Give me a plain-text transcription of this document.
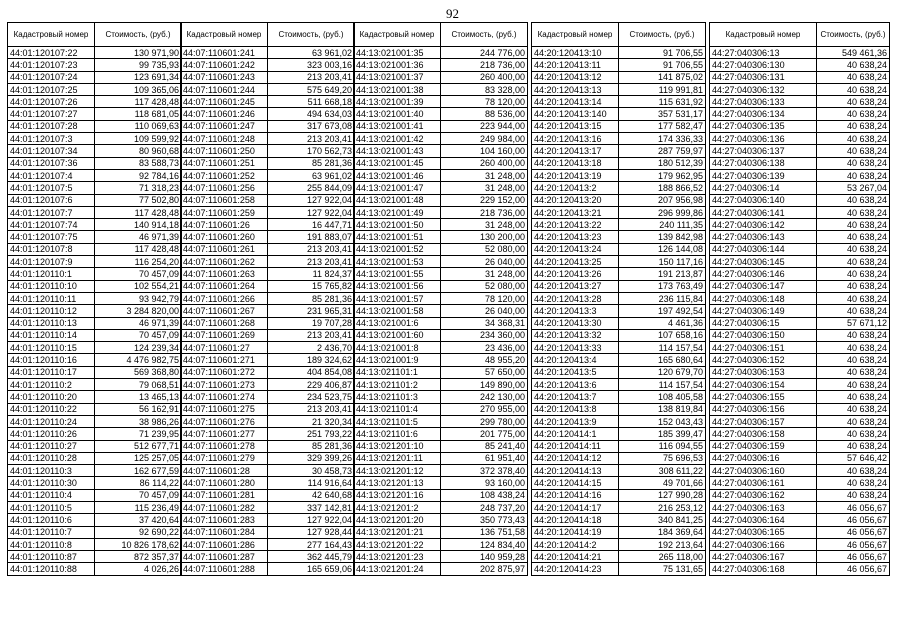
92
Кадастровый номер	Стоимость, (руб.)
44:01:120107:22	130 971,90
44:01:120107:23	99 735,93
44:01:120107:24	123 691,34
44:01:120107:25	109 365,06
44:01:120107:26	117 428,48
44:01:120107:27	118 681,05
44:01:120107:28	110 069,63
44:01:120107:3	109 599,92
44:01:120107:34	80 960,68
44:01:120107:36	83 588,73
44:01:120107:4	92 784,16
44:01:120107:5	71 318,23
44:01:120107:6	77 502,80
44:01:120107:7	117 428,48
44:01:120107:74	140 914,18
44:01:120107:75	46 971,39
44:01:120107:8	117 428,48
44:01:120107:9	116 254,20
44:01:120110:1	70 457,09
44:01:120110:10	102 554,21
44:01:120110:11	93 942,79
44:01:120110:12	3 284 820,00
44:01:120110:13	46 971,39
44:01:120110:14	70 457,09
44:01:120110:15	124 239,34
44:01:120110:16	4 476 982,75
44:01:120110:17	569 368,80
44:01:120110:2	79 068,51
44:01:120110:20	13 465,13
44:01:120110:22	56 162,91
44:01:120110:24	38 986,26
44:01:120110:26	71 239,95
44:01:120110:27	512 677,71
44:01:120110:28	125 257,05
44:01:120110:3	162 677,59
44:01:120110:30	86 114,22
44:01:120110:4	70 457,09
44:01:120110:5	115 236,49
44:01:120110:6	37 420,64
44:01:120110:7	92 690,22
44:01:120110:8	10 826 178,62
44:01:120110:87	872 357,37
44:01:120110:88	4 026,26
Кадастровый номер	Стоимость, (руб.)
44:07:110601:241	63 961,02
44:07:110601:242	323 003,16
44:07:110601:243	213 203,41
44:07:110601:244	575 649,20
44:07:110601:245	511 668,18
44:07:110601:246	494 634,03
44:07:110601:247	317 673,08
44:07:110601:248	213 203,41
44:07:110601:250	170 562,73
44:07:110601:251	85 281,36
44:07:110601:252	63 961,02
44:07:110601:256	255 844,09
44:07:110601:258	127 922,04
44:07:110601:259	127 922,04
44:07:110601:26	16 447,71
44:07:110601:260	191 883,07
44:07:110601:261	213 203,41
44:07:110601:262	213 203,41
44:07:110601:263	11 824,37
44:07:110601:264	15 765,82
44:07:110601:266	85 281,36
44:07:110601:267	231 965,31
44:07:110601:268	19 707,28
44:07:110601:269	213 203,41
44:07:110601:27	2 436,70
44:07:110601:271	189 324,62
44:07:110601:272	404 854,08
44:07:110601:273	229 406,87
44:07:110601:274	234 523,75
44:07:110601:275	213 203,41
44:07:110601:276	21 320,34
44:07:110601:277	251 793,22
44:07:110601:278	85 281,36
44:07:110601:279	329 399,26
44:07:110601:28	30 458,73
44:07:110601:280	114 916,64
44:07:110601:281	42 640,68
44:07:110601:282	337 142,81
44:07:110601:283	127 922,04
44:07:110601:284	127 928,44
44:07:110601:286	277 164,43
44:07:110601:287	362 445,79
44:07:110601:288	165 659,06
Кадастровый номер	Стоимость, (руб.)
44:13:021001:35	244 776,00
44:13:021001:36	218 736,00
44:13:021001:37	260 400,00
44:13:021001:38	83 328,00
44:13:021001:39	78 120,00
44:13:021001:40	88 536,00
44:13:021001:41	223 944,00
44:13:021001:42	249 984,00
44:13:021001:43	104 160,00
44:13:021001:45	260 400,00
44:13:021001:46	31 248,00
44:13:021001:47	31 248,00
44:13:021001:48	229 152,00
44:13:021001:49	218 736,00
44:13:021001:50	31 248,00
44:13:021001:51	130 200,00
44:13:021001:52	52 080,00
44:13:021001:53	26 040,00
44:13:021001:55	31 248,00
44:13:021001:56	52 080,00
44:13:021001:57	78 120,00
44:13:021001:58	26 040,00
44:13:021001:6	34 368,31
44:13:021001:60	234 360,00
44:13:021001:8	23 436,00
44:13:021001:9	48 955,20
44:13:021101:1	57 650,00
44:13:021101:2	149 890,00
44:13:021101:3	242 130,00
44:13:021101:4	270 955,00
44:13:021101:5	299 780,00
44:13:021101:6	201 775,00
44:13:021201:10	85 241,40
44:13:021201:11	61 951,40
44:13:021201:12	372 378,40
44:13:021201:13	93 160,00
44:13:021201:16	108 438,24
44:13:021201:2	248 737,20
44:13:021201:20	350 773,43
44:13:021201:21	136 751,58
44:13:021201:22	124 834,40
44:13:021201:23	140 959,28
44:13:021201:24	202 875,97
Кадастровый номер	Стоимость, (руб.)
44:20:120413:10	91 706,55
44:20:120413:11	91 706,55
44:20:120413:12	141 875,02
44:20:120413:13	119 991,81
44:20:120413:14	115 631,92
44:20:120413:140	357 531,17
44:20:120413:15	177 582,47
44:20:120413:16	174 336,33
44:20:120413:17	287 759,97
44:20:120413:18	180 512,39
44:20:120413:19	179 962,95
44:20:120413:2	188 866,52
44:20:120413:20	207 956,98
44:20:120413:21	296 999,86
44:20:120413:22	240 111,35
44:20:120413:23	139 842,98
44:20:120413:24	126 144,08
44:20:120413:25	150 117,16
44:20:120413:26	191 213,87
44:20:120413:27	173 763,49
44:20:120413:28	236 115,84
44:20:120413:3	197 492,54
44:20:120413:30	4 461,36
44:20:120413:32	107 658,16
44:20:120413:33	114 157,54
44:20:120413:4	165 680,64
44:20:120413:5	120 679,70
44:20:120413:6	114 157,54
44:20:120413:7	108 405,58
44:20:120413:8	138 819,84
44:20:120413:9	152 043,43
44:20:120414:1	185 399,47
44:20:120414:11	116 094,55
44:20:120414:12	75 696,53
44:20:120414:13	308 611,22
44:20:120414:15	49 701,66
44:20:120414:16	127 990,28
44:20:120414:17	216 253,12
44:20:120414:18	340 841,25
44:20:120414:19	184 369,64
44:20:120414:2	192 213,64
44:20:120414:21	265 118,00
44:20:120414:23	75 131,65
Кадастровый номер	Стоимость, (руб.)
44:27:040306:13	549 461,36
44:27:040306:130	40 638,24
44:27:040306:131	40 638,24
44:27:040306:132	40 638,24
44:27:040306:133	40 638,24
44:27:040306:134	40 638,24
44:27:040306:135	40 638,24
44:27:040306:136	40 638,24
44:27:040306:137	40 638,24
44:27:040306:138	40 638,24
44:27:040306:139	40 638,24
44:27:040306:14	53 267,04
44:27:040306:140	40 638,24
44:27:040306:141	40 638,24
44:27:040306:142	40 638,24
44:27:040306:143	40 638,24
44:27:040306:144	40 638,24
44:27:040306:145	40 638,24
44:27:040306:146	40 638,24
44:27:040306:147	40 638,24
44:27:040306:148	40 638,24
44:27:040306:149	40 638,24
44:27:040306:15	57 671,12
44:27:040306:150	40 638,24
44:27:040306:151	40 638,24
44:27:040306:152	40 638,24
44:27:040306:153	40 638,24
44:27:040306:154	40 638,24
44:27:040306:155	40 638,24
44:27:040306:156	40 638,24
44:27:040306:157	40 638,24
44:27:040306:158	40 638,24
44:27:040306:159	40 638,24
44:27:040306:16	57 646,42
44:27:040306:160	40 638,24
44:27:040306:161	40 638,24
44:27:040306:162	40 638,24
44:27:040306:163	46 056,67
44:27:040306:164	46 056,67
44:27:040306:165	46 056,67
44:27:040306:166	46 056,67
44:27:040306:167	46 056,67
44:27:040306:168	46 056,67
